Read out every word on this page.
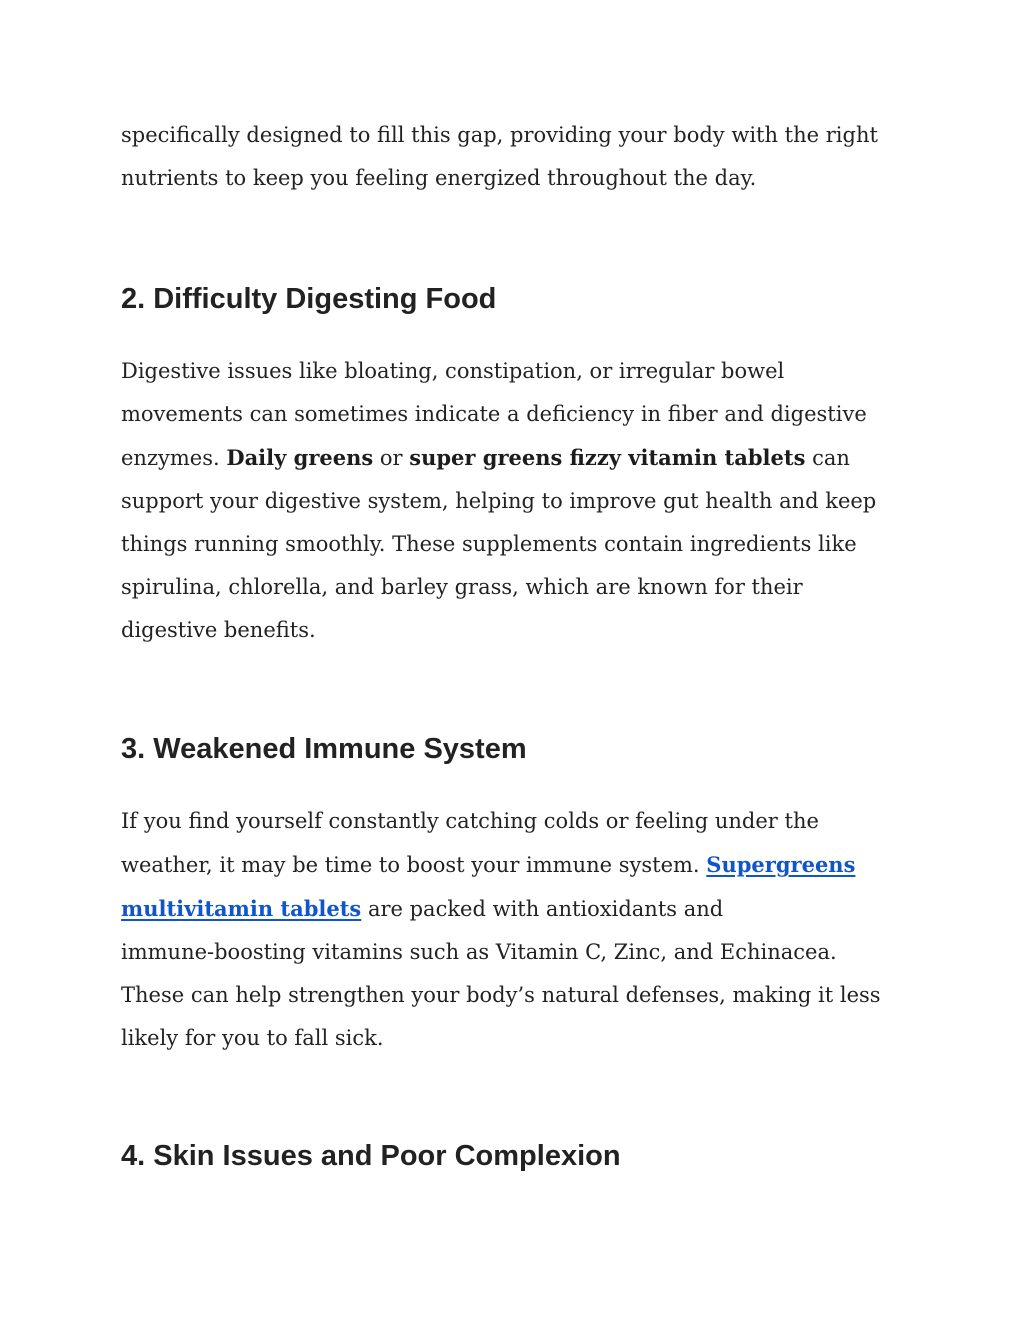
specifically designed to fill this gap, providing your body with the right
nutrients to keep you feeling energized throughout the day.

2. Difficulty Digesting Food

Digestive issues like bloating, constipation, or irregular bowel
movements can sometimes indicate a deficiency in fiber and digestive
enzymes. Daily greens or super greens fizzy vitamin tablets can
support your digestive system, helping to improve gut health and keep
things running smoothly. These supplements contain ingredients like
spirulina, chlorella, and barley grass, which are known for their
digestive benefits.

3. Weakened Immune System

If you find yourself constantly catching colds or feeling under the
weather, it may be time to boost your immune system. Supergreens
multivitamin tablets are packed with antioxidants and
immune-boosting vitamins such as Vitamin C, Zinc, and Echinacea.
These can help strengthen your body’s natural defenses, making it less
likely for you to fall sick.

4. Skin Issues and Poor Complexion
